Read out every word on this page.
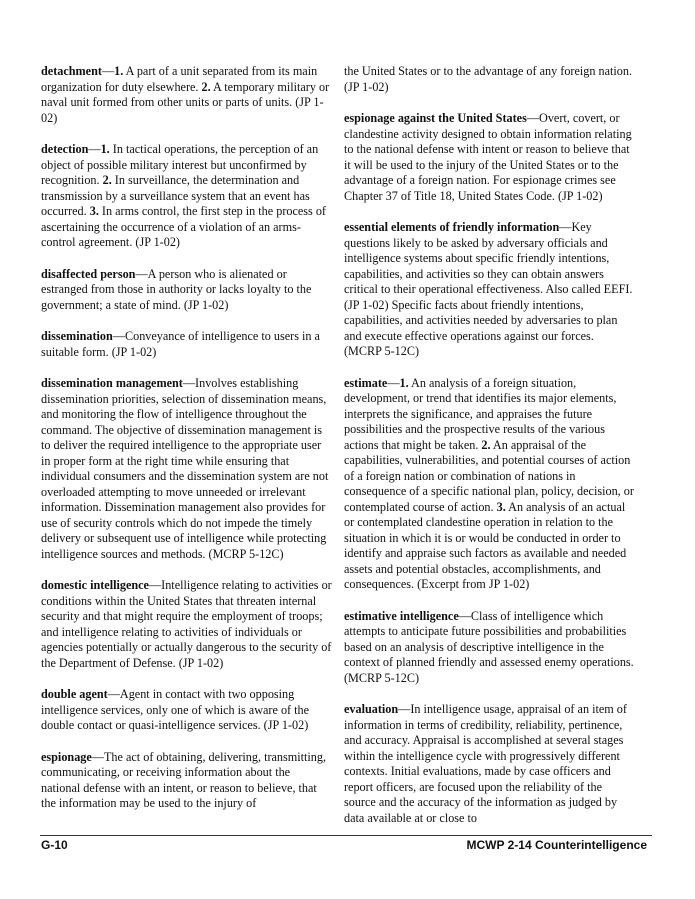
detachment—1. A part of a unit separated from its main organization for duty elsewhere. 2. A temporary military or naval unit formed from other units or parts of units. (JP 1-02)

detection—1. In tactical operations, the perception of an object of possible military interest but unconfirmed by recognition. 2. In surveillance, the determination and transmission by a surveillance system that an event has occurred. 3. In arms control, the first step in the process of ascertaining the occurrence of a violation of an arms-control agreement. (JP 1-02)

disaffected person—A person who is alienated or estranged from those in authority or lacks loyalty to the government; a state of mind. (JP 1-02)

dissemination—Conveyance of intelligence to users in a suitable form. (JP 1-02)

dissemination management—Involves establishing dissemination priorities, selection of dissemination means, and monitoring the flow of intelligence throughout the command. The objective of dissemination management is to deliver the required intelligence to the appropriate user in proper form at the right time while ensuring that individual consumers and the dissemination system are not overloaded attempting to move unneeded or irrelevant information. Dissemination management also provides for use of security controls which do not impede the timely delivery or subsequent use of intelligence while protecting intelligence sources and methods. (MCRP 5-12C)

domestic intelligence—Intelligence relating to activities or conditions within the United States that threaten internal security and that might require the employment of troops; and intelligence relating to activities of individuals or agencies potentially or actually dangerous to the security of the Department of Defense. (JP 1-02)

double agent—Agent in contact with two opposing intelligence services, only one of which is aware of the double contact or quasi-intelligence services. (JP 1-02)

espionage—The act of obtaining, delivering, transmitting, communicating, or receiving information about the national defense with an intent, or reason to believe, that the information may be used to the injury of

the United States or to the advantage of any foreign nation. (JP 1-02)

espionage against the United States—Overt, covert, or clandestine activity designed to obtain information relating to the national defense with intent or reason to believe that it will be used to the injury of the United States or to the advantage of a foreign nation. For espionage crimes see Chapter 37 of Title 18, United States Code. (JP 1-02)

essential elements of friendly information—Key questions likely to be asked by adversary officials and intelligence systems about specific friendly intentions, capabilities, and activities so they can obtain answers critical to their operational effectiveness. Also called EEFI. (JP 1-02) Specific facts about friendly intentions, capabilities, and activities needed by adversaries to plan and execute effective operations against our forces. (MCRP 5-12C)

estimate—1. An analysis of a foreign situation, development, or trend that identifies its major elements, interprets the significance, and appraises the future possibilities and the prospective results of the various actions that might be taken. 2. An appraisal of the capabilities, vulnerabilities, and potential courses of action of a foreign nation or combination of nations in consequence of a specific national plan, policy, decision, or contemplated course of action. 3. An analysis of an actual or contemplated clandestine operation in relation to the situation in which it is or would be conducted in order to identify and appraise such factors as available and needed assets and potential obstacles, accomplishments, and consequences. (Excerpt from JP 1-02)

estimative intelligence—Class of intelligence which attempts to anticipate future possibilities and probabilities based on an analysis of descriptive intelligence in the context of planned friendly and assessed enemy operations. (MCRP 5-12C)

evaluation—In intelligence usage, appraisal of an item of information in terms of credibility, reliability, pertinence, and accuracy. Appraisal is accomplished at several stages within the intelligence cycle with progressively different contexts. Initial evaluations, made by case officers and report officers, are focused upon the reliability of the source and the accuracy of the information as judged by data available at or close to

G-10	MCWP 2-14 Counterintelligence
